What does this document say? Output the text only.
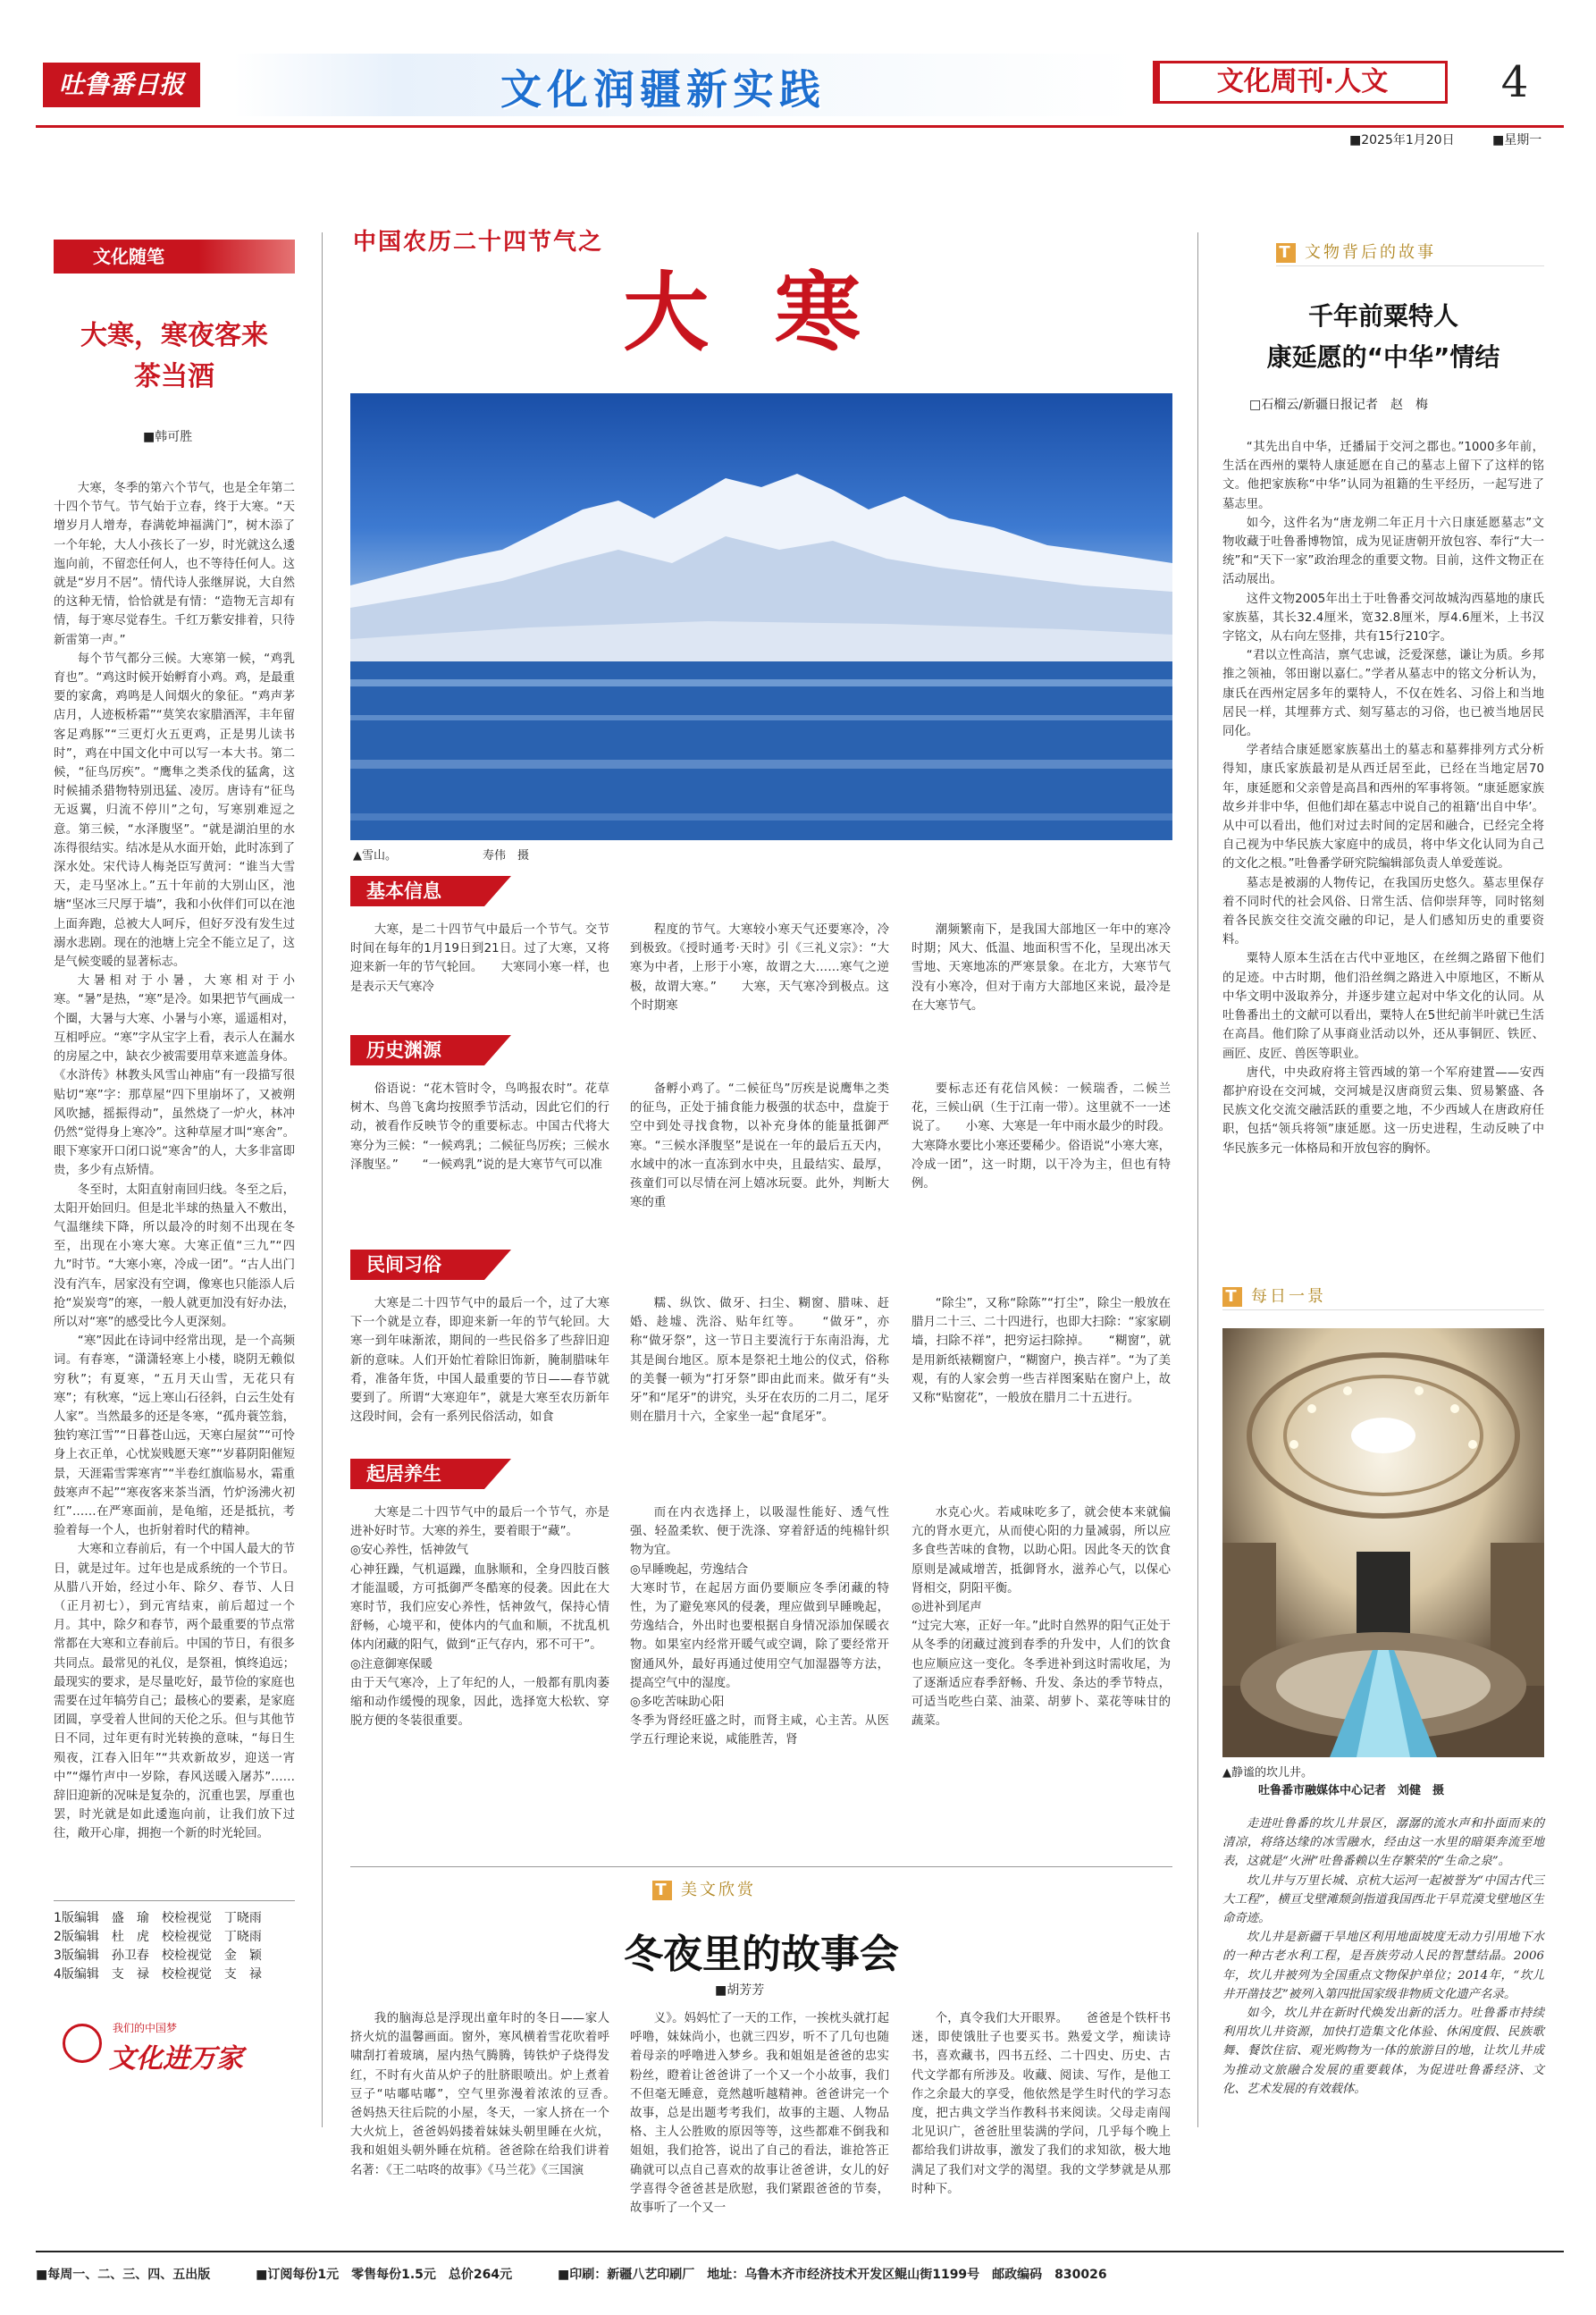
吐鲁番日报	文化润疆新实践	文化周刊·人文	4
■2025年1月20日	■星期一
文化随笔
大寒，寒夜客来
茶当酒
■韩可胜

大寒，冬季的第六个节气，也是全年第二十四个节气。节气始于立春，终于大寒。“天增岁月人增寿，春满乾坤福满门”，树木添了一个年轮，大人小孩长了一岁，时光就这么逶迤向前，不留恋任何人，也不等待任何人。这就是“岁月不居”。情代诗人张继屏说，大自然的这种无情，恰恰就是有情：“造物无言却有情，每于寒尽觉春生。千红万紫安排着，只待新雷第一声。”

每个节气都分三候。大寒第一候，“鸡乳育也”。“鸡这时候开始孵育小鸡。鸡，是最重要的家禽，鸡鸣是人间烟火的象征。“鸡声茅店月，人迹板桥霜”“莫笑农家腊酒浑，丰年留客足鸡豚”“三更灯火五更鸡，正是男儿读书时”，鸡在中国文化中可以写一本大书。第二候，“征鸟厉疾”。“鹰隼之类杀伐的猛禽，这时候捕杀猎物特别迅猛、凌厉。唐诗有“征鸟无返翼，归流不停川”之句，写寒别难逗之意。第三候，“水泽腹坚”。“就是湖泊里的水冻得很结实。结冰是从水面开始，此时冻到了深水处。宋代诗人梅尧臣写黄河：“谁当大雪天，走马坚冰上。”五十年前的大别山区，池塘“坚冰三尺厚于墙”，我和小伙伴们可以在池上面奔跑，总被大人呵斥，但好歹没有发生过溺水悲剧。现在的池塘上完全不能立足了，这是气候变暖的显著标志。

大暑相对于小暑，大寒相对于小寒。“暑”是热，“寒”是冷。如果把节气画成一个圈，大暑与大寒、小暑与小寒，遥遥相对，互相呼应。“寒”字从宝字上看，表示人在漏水的房屋之中，缺衣少被需要用草来遮盖身体。《水浒传》林教头风雪山神庙“有一段描写很贴切“寒”字：那草屋“四下里崩坏了，又被朔风吹撼，摇振得动”，虽然烧了一炉火，林冲仍然“觉得身上寒冷”。这种草屋才叫“寒舍”。眼下寒家开口闭口说“寒舍”的人，大多非富即贵，多少有点矫情。

冬至时，太阳直射南回归线。冬至之后，太阳开始回归。但是北半球的热量入不敷出，气温继续下降，所以最冷的时刻不出现在冬至，出现在小寒大寒。大寒正值“三九”“四九”时节。“大寒小寒，冷成一团”。“古人出门没有汽车，居家没有空调，像寒也只能添人后抢“炭炭弯”的寒，一般人就更加没有好办法，所以对“寒”的感受比今人更深刻。

“寒”因此在诗词中经常出现，是一个高频词。有春寒，“潇潇轻寒上小楼，晓阴无赖似穷秋”；有夏寒，“五月天山雪，无花只有寒”；有秋寒，“远上寒山石径斜，白云生处有人家”。当然最多的还是冬寒，“孤舟蓑笠翁，独钓寒江雪”“日暮苍山远，天寒白屋贫”“可怜身上衣正单，心忧炭贱愿天寒”“岁暮阴阳催短景，天涯霜雪霁寒宵”“半卷红旗临易水，霜重鼓寒声不起”“寒夜客来茶当酒，竹炉汤沸火初红”……在严寒面前，是龟缩，还是抵抗，考验着每一个人，也折射着时代的精神。

大寒和立春前后，有一个中国人最大的节日，就是过年。过年也是成系统的一个节日。从腊八开始，经过小年、除夕、春节、人日（正月初七），到元宵结束，前后超过一个月。其中，除夕和春节，两个最重要的节点常常都在大寒和立春前后。中国的节日，有很多共同点。最常见的礼仪，是祭祖，慎终追远；最现实的要求，是尽量吃好，最节俭的家庭也需要在过年犒劳自己；最核心的要素，是家庭团圆，享受着人世间的天伦之乐。但与其他节日不同，过年更有时光转换的意味，“每日生殒夜，江春入旧年”“共欢新故岁，迎送一宵中”“爆竹声中一岁除，春风送暖入屠苏”……辞旧迎新的况味是复杂的，沉重也罢，厚重也罢，时光就是如此逶迤向前，让我们放下过往，敞开心扉，拥抱一个新的时光轮回。

1版编辑　 盛　瑜　 校检视觉　 丁晓雨
2版编辑　 杜　虎　 校检视觉　 丁晓雨
3版编辑　 孙卫春　 校检视觉　 金　颖
4版编辑　 支　禄　 校检视觉　 支　禄
我们的中国梦
文化进万家
中国农历二十四节气之
大 寒
▲雪山。	寿伟　摄
基本信息

大寒，是二十四节气中最后一个节气。交节时间在每年的1月19日到21日。过了大寒，又将迎来新一年的节气轮回。　　大寒同小寒一样，也是表示天气寒冷

程度的节气。大寒较小寒天气还要寒冷，冷到极致。《授时通考·天时》引《三礼义宗》：“大寒为中者，上形于小寒，故谓之大……寒气之逆极，故谓大寒。”　　大寒，天气寒冷到极点。这个时期寒

潮频繁南下，是我国大部地区一年中的寒冷时期；风大、低温、地面积雪不化，呈现出冰天雪地、天寒地冻的严寒景象。在北方，大寒节气没有小寒冷，但对于南方大部地区来说，最冷是在大寒节气。

历史渊源

俗语说：“花木管时令，鸟鸣报农时”。花草树木、鸟兽飞禽均按照季节活动，因此它们的行动，被看作反映节令的重要标志。中国古代将大寒分为三候：“一候鸡乳；二候征鸟厉疾；三候水泽腹坚。”　　“一候鸡乳”说的是大寒节气可以准

备孵小鸡了。“二候征鸟”厉疾是说鹰隼之类的征鸟，正处于捕食能力极强的状态中，盘旋于空中到处寻找食物，以补充身体的能量抵御严寒。“三候水泽腹坚”是说在一年的最后五天内，水域中的冰一直冻到水中央，且最结实、最厚，孩童们可以尽情在河上嬉冰玩耍。此外，判断大寒的重

要标志还有花信风候：一候瑞香，二候兰花，三候山矾（生于江南一带）。这里就不一一述说了。　　小寒、大寒是一年中雨水最少的时段。大寒降水要比小寒还要稀少。俗语说“小寒大寒，冷成一团”，这一时期，以干冷为主，但也有特例。

民间习俗

大寒是二十四节气中的最后一个，过了大寒下一个就是立春，即迎来新一年的节气轮回。大寒一到年味渐浓，期间的一些民俗多了些辞旧迎新的意味。人们开始忙着除旧饰新，腌制腊味年肴，准备年货，中国人最重要的节日——春节就要到了。所谓“大寒迎年”，就是大寒至农历新年这段时间，会有一系列民俗活动，如食

糯、纵饮、做牙、扫尘、糊窗、腊味、赶婚、趁墟、洗浴、贴年红等。　　“做牙”，亦称“做牙祭”，这一节日主要流行于东南沿海，尤其是闽台地区。原本是祭祀土地公的仪式，俗称的美餐一顿为“打牙祭”即由此而来。做牙有“头牙”和“尾牙”的讲究，头牙在农历的二月二，尾牙则在腊月十六，全家坐一起“食尾牙”。

“除尘”，又称“除陈”“打尘”，除尘一般放在腊月二十三、二十四进行，也即大扫除：“家家刷墙，扫除不祥”，把穷运扫除掉。　　“糊窗”，就是用新纸裱糊窗户，“糊窗户，换吉祥”。“为了美观，有的人家会剪一些吉祥图案贴在窗户上，故又称“贴窗花”，一般放在腊月二十五进行。

起居养生

大寒是二十四节气中的最后一个节气，亦是进补好时节。大寒的养生，要着眼于“藏”。
◎安心养性，恬神敛气
心神狂躁，气机逼躁，血脉顺和，全身四肢百骸才能温暖，方可抵御严冬酷寒的侵袭。因此在大寒时节，我们应安心养性，恬神敛气，保持心情舒畅，心境平和，使体内的气血和顺，不扰乱机体内闭藏的阳气，做到“正气存内，邪不可干”。
◎注意御寒保暖
由于天气寒冷，上了年纪的人，一般都有肌肉萎缩和动作缓慢的现象，因此，选择宽大松软、穿脱方便的冬装很重要。

而在内衣选择上，以吸湿性能好、透气性强、轻盈柔软、便于洗涤、穿着舒适的纯棉针织物为宜。
◎早睡晚起，劳逸结合
大寒时节，在起居方面仍要顺应冬季闭藏的特性，为了避免寒风的侵袭，理应做到早睡晚起，劳逸结合，外出时也要根据自身情况添加保暖衣物。如果室内经常开暖气或空调，除了要经常开窗通风外，最好再通过使用空气加湿器等方法，提高空气中的湿度。
◎多吃苦味助心阳
冬季为肾经旺盛之时，而肾主咸，心主苦。从医学五行理论来说，咸能胜苦，肾

水克心火。若咸味吃多了，就会使本来就偏亢的肾水更亢，从而使心阳的力量减弱，所以应多食些苦味的食物，以助心阳。因此冬天的饮食原则是减咸增苦，抵御肾水，滋养心气，以保心肾相交，阴阳平衡。
◎进补到尾声
“过完大寒，正好一年。”此时自然界的阳气正处于从冬季的闭藏过渡到春季的升发中，人们的饮食也应顺应这一变化。冬季进补到这时需收尾，为了逐渐适应春季舒畅、升发、条达的季节特点，可适当吃些白菜、油菜、胡萝卜、菜花等味甘的蔬菜。

T 美文欣赏
冬夜里的故事会
■胡芳芳

我的脑海总是浮现出童年时的冬日——家人挤火炕的温馨画面。窗外，寒风横着雪花吹着呼啸刮打着玻璃，屋内热气腾腾，铸铁炉子烧得发红，不时有火苗从炉子的肚脐眼喷出。炉上煮着豆子“咕嘟咕嘟”，空气里弥漫着浓浓的豆香。　　爸妈热天往后院的小屋，冬天，一家人挤在一个大火炕上，爸爸妈妈搂着妹妹头朝里睡在火炕，我和姐姐头朝外睡在炕稍。爸爸除在给我们讲着名著：《王二咕咚的故事》《马兰花》《三国演

义》。妈妈忙了一天的工作，一挨枕头就打起呼噜，妹妹尚小，也就三四岁，听不了几句也随着母亲的呼噜进入梦乡。我和姐姐是爸爸的忠实粉丝，瞪着让爸爸讲了一个又一个小故事，我们不但毫无睡意，竟然越听越精神。爸爸讲完一个故事，总是出题考考我们，故事的主题、人物品格、主人公胜败的原因等等，这些都难不倒我和姐姐，我们抢答，说出了自己的看法，谁抢答正确就可以点自己喜欢的故事让爸爸讲，女儿的好学喜得令爸爸甚是欣慰，我们紧跟爸爸的节奏，故事听了一个又一

个，真令我们大开眼界。　　爸爸是个铁杆书迷，即使饿肚子也要买书。熟爱文学，痴读诗书，喜欢藏书，四书五经、二十四史、历史、古代文学都有所涉及。收藏、阅读、写作，是他工作之余最大的享受，他依然是学生时代的学习态度，把古典文学当作教科书来阅读。父母走南闯北见识广，爸爸肚里装满的学问，几乎每个晚上都给我们讲故事，激发了我们的求知欲，极大地满足了我们对文学的渴望。我的文学梦就是从那时种下。

T 文物背后的故事
千年前粟特人
康延愿的“中华”情结
□石榴云/新疆日报记者　赵　梅

“其先出自中华，迁播届于交河之郡也。”1000多年前，生活在西州的粟特人康延愿在自己的墓志上留下了这样的铭文。他把家族称“中华”认同为祖籍的生平经历，一起写进了墓志里。

如今，这件名为“唐龙朔二年正月十六日康延愿墓志”文物收藏于吐鲁番博物馆，成为见证唐朝开放包容、奉行“大一统”和“天下一家”政治理念的重要文物。目前，这件文物正在活动展出。

这件文物2005年出土于吐鲁番交河故城沟西墓地的康氏家族墓，其长32.4厘米，宽32.8厘米，厚4.6厘米，上书汉字铭文，从右向左竖排，共有15行210字。

“君以立性高洁，禀气忠诚，泛爱深慈，谦让为质。乡邦推之领袖，邻田谢以嘉仁。”学者从墓志中的铭文分析认为，康氏在西州定居多年的粟特人，不仅在姓名、习俗上和当地居民一样，其埋葬方式、刻写墓志的习俗，也已被当地居民同化。

学者结合康延愿家族墓出土的墓志和墓葬排列方式分析得知，康氏家族最初是从西迁居至此，已经在当地定居70年，康延愿和父亲曾是高昌和西州的军事将领。“康延愿家族故乡并非中华，但他们却在墓志中说自己的祖籍‘出自中华’。从中可以看出，他们对过去时间的定居和融合，已经完全将自己视为中华民族大家庭中的成员，将中华文化认同为自己的文化之根。”吐鲁番学研究院编辑部负责人单爱莲说。

墓志是被溺的人物传记，在我国历史悠久。墓志里保存着不同时代的社会风俗、日常生活、信仰崇拜等，同时铭刻着各民族交往交流交融的印记，是人们感知历史的重要资料。

粟特人原本生活在古代中亚地区，在丝绸之路留下他们的足迹。中古时期，他们沿丝绸之路进入中原地区，不断从中华文明中汲取养分，并逐步建立起对中华文化的认同。从吐鲁番出土的文献可以看出，粟特人在5世纪前半叶就已生活在高昌。他们除了从事商业活动以外，还从事铜匠、铁匠、画匠、皮匠、兽医等职业。

唐代，中央政府将主管西域的第一个军府建置——安西都护府设在交河城，交河城是汉唐商贸云集、贸易繁盛、各民族文化交流交融活跃的重要之地，不少西域人在唐政府任职，包括“领兵将领”康延愿。这一历史进程，生动反映了中华民族多元一体格局和开放包容的胸怀。

T 每日一景
▲静谧的坎儿井。
吐鲁番市融媒体中心记者　刘健　摄

走进吐鲁番的坎儿井景区，潺潺的流水声和扑面而来的清凉，将络达缘的冰雪融水，经由这一水里的暗渠奔流至地表，这就是“火洲”吐鲁番赖以生存繁荣的“生命之泉”。

坎儿井与万里长城、京杭大运河一起被誉为“中国古代三大工程”，横亘戈壁滩颓剑指道我国西北干旱荒漠戈壁地区生命奇迹。

坎儿井是新疆干旱地区利用地面坡度无动力引用地下水的一种古老水利工程，是吾族劳动人民的智慧结晶。2006年，坎儿井被列为全国重点文物保护单位；2014年，“坎儿井开凿技艺”被列入第四批国家级非物质文化遗产名录。

如今，坎儿井在新时代焕发出新的活力。吐鲁番市持续利用坎儿井资源，加快打造集文化体验、休闲度假、民族歌舞、餐饮住宿、观光购物为一体的旅游目的地，让坎儿井成为推动文旅融合发展的重要载体，为促进吐鲁番经济、文化、艺术发展的有效载体。

■每周一、二、三、四、五出版	■订阅每份1元　零售每份1.5元　总价264元	■印刷：新疆八艺印刷厂　地址：乌鲁木齐市经济技术开发区鲲山街1199号　邮政编码　830026
